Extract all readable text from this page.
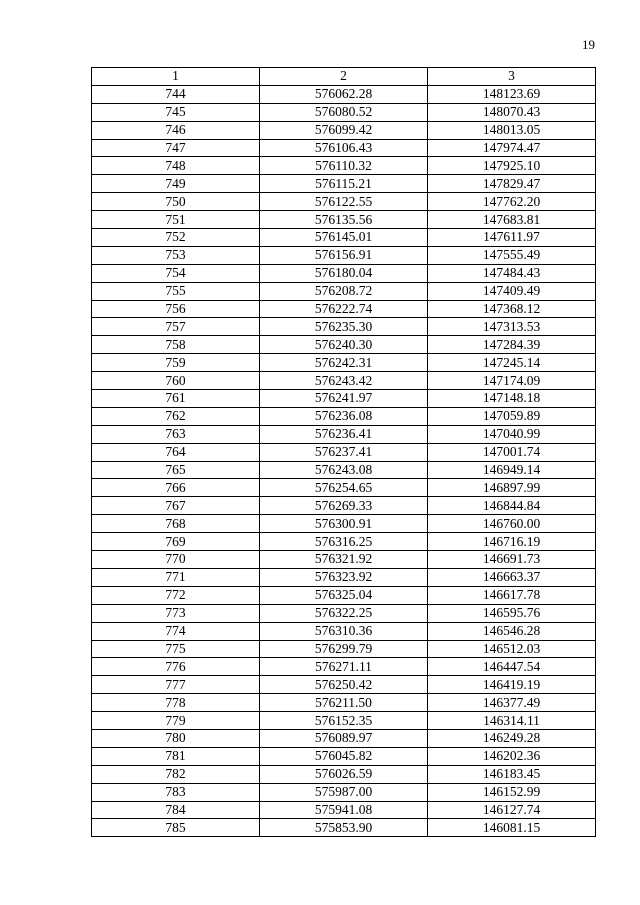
19
1	2	3
744	576062.28	148123.69
745	576080.52	148070.43
746	576099.42	148013.05
747	576106.43	147974.47
748	576110.32	147925.10
749	576115.21	147829.47
750	576122.55	147762.20
751	576135.56	147683.81
752	576145.01	147611.97
753	576156.91	147555.49
754	576180.04	147484.43
755	576208.72	147409.49
756	576222.74	147368.12
757	576235.30	147313.53
758	576240.30	147284.39
759	576242.31	147245.14
760	576243.42	147174.09
761	576241.97	147148.18
762	576236.08	147059.89
763	576236.41	147040.99
764	576237.41	147001.74
765	576243.08	146949.14
766	576254.65	146897.99
767	576269.33	146844.84
768	576300.91	146760.00
769	576316.25	146716.19
770	576321.92	146691.73
771	576323.92	146663.37
772	576325.04	146617.78
773	576322.25	146595.76
774	576310.36	146546.28
775	576299.79	146512.03
776	576271.11	146447.54
777	576250.42	146419.19
778	576211.50	146377.49
779	576152.35	146314.11
780	576089.97	146249.28
781	576045.82	146202.36
782	576026.59	146183.45
783	575987.00	146152.99
784	575941.08	146127.74
785	575853.90	146081.15
